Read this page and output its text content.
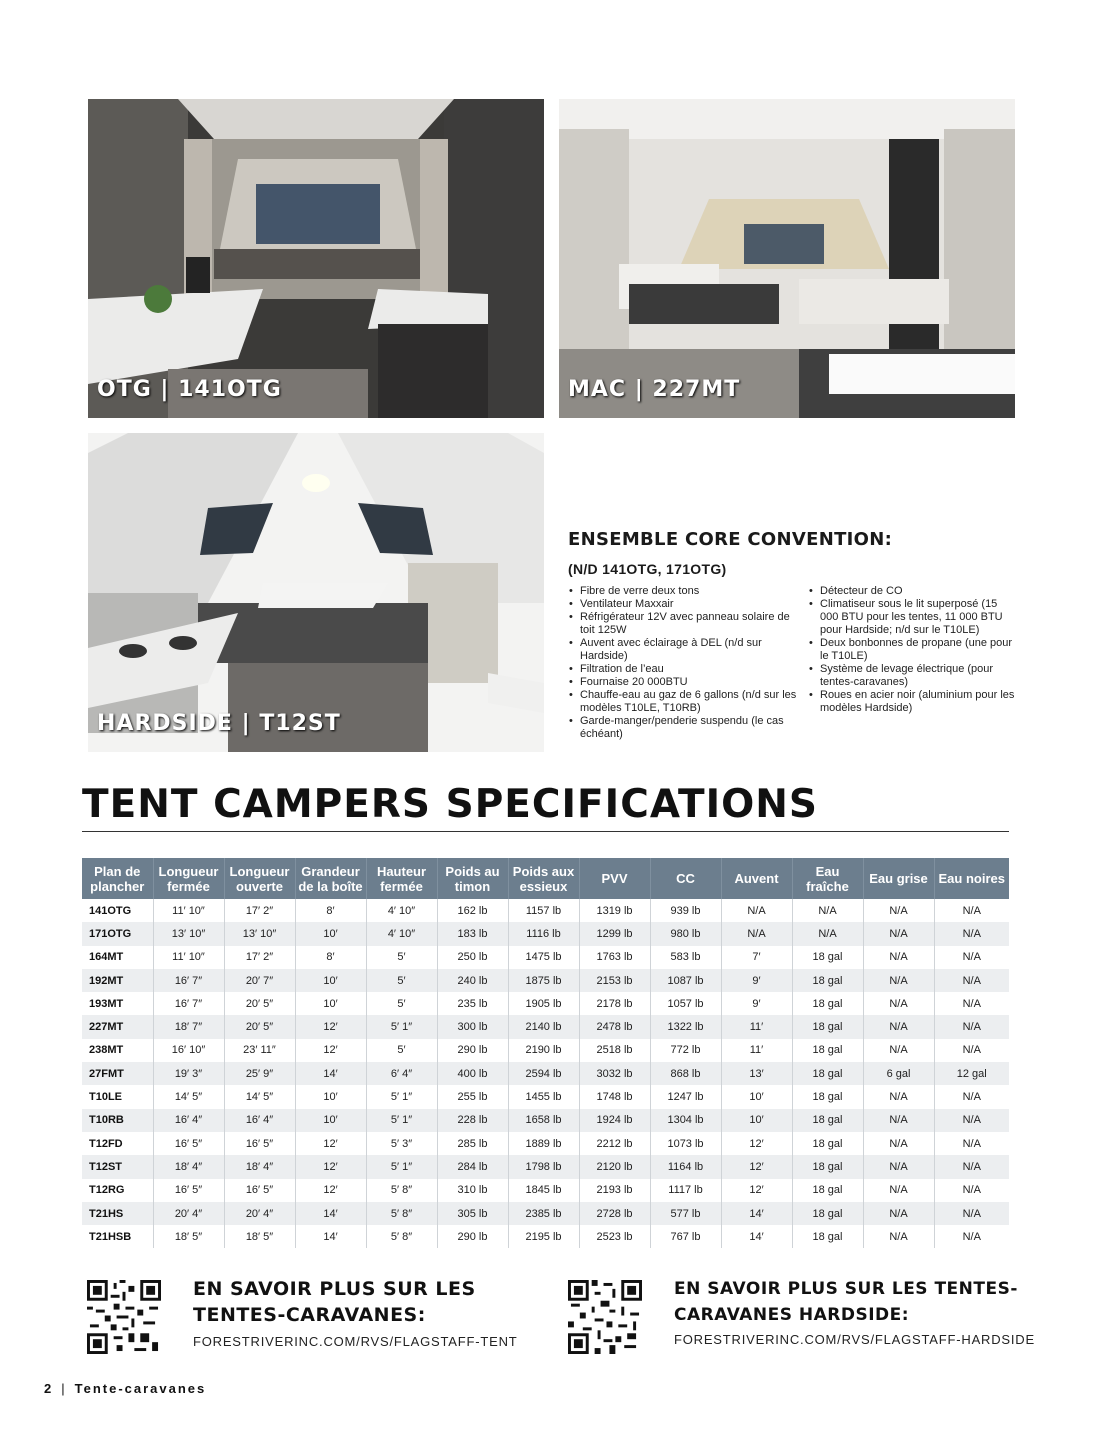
OTG | 141OTG	MAC | 227MT
HARDSIDE | T12ST
ENSEMBLE CORE CONVENTION:
(N/D 141OTG, 171OTG)
• Fibre de verre deux tons
• Ventilateur Maxxair
• Réfrigérateur 12V avec panneau solaire de toit 125W
• Auvent avec éclairage à DEL (n/d sur Hardside)
• Filtration de l’eau
• Fournaise 20 000BTU
• Chauffe-eau au gaz de 6 gallons (n/d sur les modèles T10LE, T10RB)
• Garde-manger/penderie suspendu (le cas échéant)
• Détecteur de CO
• Climatiseur sous le lit superposé (15 000 BTU pour les tentes, 11 000 BTU pour Hardside; n/d sur le T10LE)
• Deux bonbonnes de propane (une pour le T10LE)
• Système de levage électrique (pour tentes-caravanes)
• Roues en acier noir (aluminium pour les modèles Hardside)
TENT CAMPERS SPECIFICATIONS
Plan de plancher	Longueur fermée	Longueur ouverte	Grandeur de la boîte	Hauteur fermée	Poids au timon	Poids aux essieux	PVV	CC	Auvent	Eau fraîche	Eau grise	Eau noires
141OTG	11′ 10″	17′ 2″	8′	4′ 10″	162 lb	1157 lb	1319 lb	939 lb	N/A	N/A	N/A	N/A
171OTG	13′ 10″	13′ 10″	10′	4′ 10″	183 lb	1116 lb	1299 lb	980 lb	N/A	N/A	N/A	N/A
164MT	11′ 10″	17′ 2″	8′	5′	250 lb	1475 lb	1763 lb	583 lb	7′	18 gal	N/A	N/A
192MT	16′ 7″	20′ 7″	10′	5′	240 lb	1875 lb	2153 lb	1087 lb	9′	18 gal	N/A	N/A
193MT	16′ 7″	20′ 5″	10′	5′	235 lb	1905 lb	2178 lb	1057 lb	9′	18 gal	N/A	N/A
227MT	18′ 7″	20′ 5″	12′	5′ 1″	300 lb	2140 lb	2478 lb	1322 lb	11′	18 gal	N/A	N/A
238MT	16′ 10″	23′ 11″	12′	5′	290 lb	2190 lb	2518 lb	772 lb	11′	18 gal	N/A	N/A
27FMT	19′ 3″	25′ 9″	14′	6′ 4″	400 lb	2594 lb	3032 lb	868 lb	13′	18 gal	6 gal	12 gal
T10LE	14′ 5″	14′ 5″	10′	5′ 1″	255 lb	1455 lb	1748 lb	1247 lb	10′	18 gal	N/A	N/A
T10RB	16′ 4″	16′ 4″	10′	5′ 1″	228 lb	1658 lb	1924 lb	1304 lb	10′	18 gal	N/A	N/A
T12FD	16′ 5″	16′ 5″	12′	5′ 3″	285 lb	1889 lb	2212 lb	1073 lb	12′	18 gal	N/A	N/A
T12ST	18′ 4″	18′ 4″	12′	5′ 1″	284 lb	1798 lb	2120 lb	1164 lb	12′	18 gal	N/A	N/A
T12RG	16′ 5″	16′ 5″	12′	5′ 8″	310 lb	1845 lb	2193 lb	1117 lb	12′	18 gal	N/A	N/A
T21HS	20′ 4″	20′ 4″	14′	5′ 8″	305 lb	2385 lb	2728 lb	577 lb	14′	18 gal	N/A	N/A
T21HSB	18′ 5″	18′ 5″	14′	5′ 8″	290 lb	2195 lb	2523 lb	767 lb	14′	18 gal	N/A	N/A
EN SAVOIR PLUS SUR LES TENTES-CARAVANES:
FORESTRIVERINC.COM/RVS/FLAGSTAFF-TENT
EN SAVOIR PLUS SUR LES TENTES-CARAVANES HARDSIDE:
FORESTRIVERINC.COM/RVS/FLAGSTAFF-HARDSIDE
2 | Tente-caravanes
